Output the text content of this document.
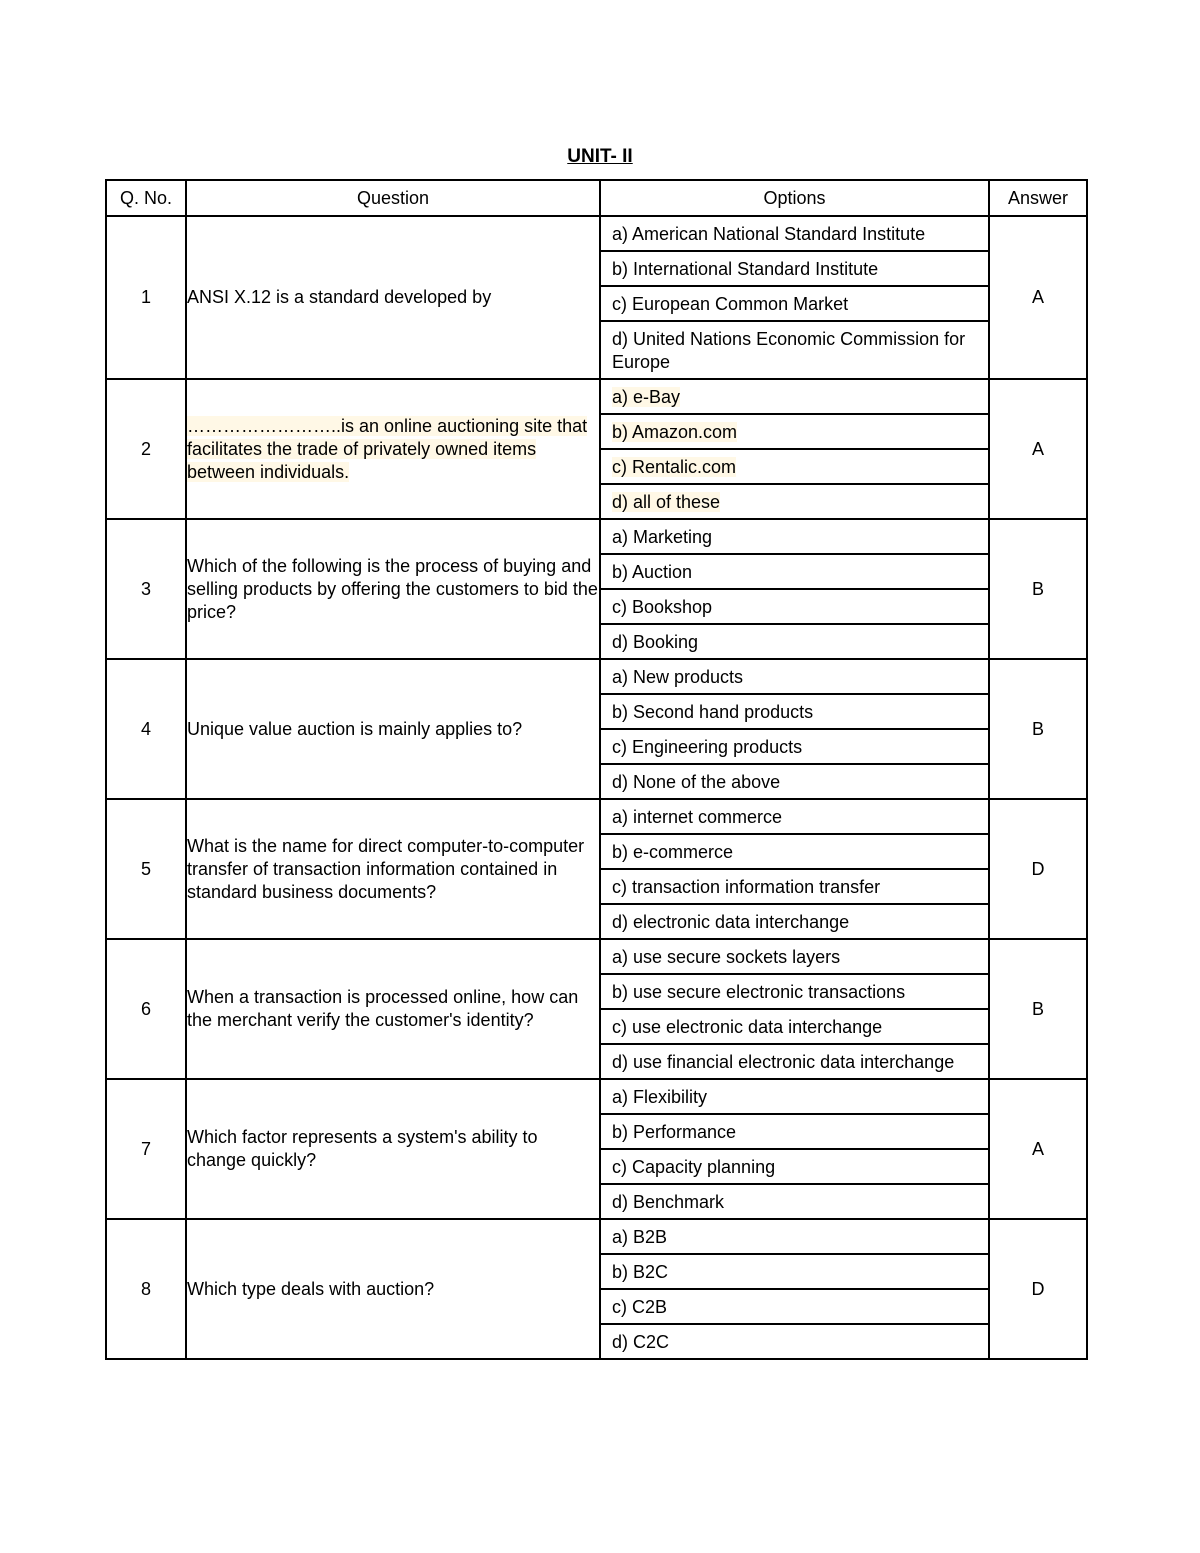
UNIT- II
Q. No.	Question	Options	Answer
1	ANSI X.12 is a standard developed by	a) American National Standard Institute
b) International Standard Institute
c) European Common Market
d) United Nations Economic Commission for Europe	A
2	……………………..is an online auctioning site that facilitates the trade of privately owned items between individuals.	a) e-Bay
b) Amazon.com
c) Rentalic.com
d) all of these	A
3	Which of the following is the process of buying and selling products by offering the customers to bid the price?	a) Marketing
b) Auction
c) Bookshop
d) Booking	B
4	Unique value auction is mainly applies to?	a) New products
b) Second hand products
c) Engineering products
d) None of the above	B
5	What is the name for direct computer-to-computer transfer of transaction information contained in standard business documents?	a) internet commerce
b) e-commerce
c) transaction information transfer
d) electronic data interchange	D
6	When a transaction is processed online, how can the merchant verify the customer's identity?	a) use secure sockets layers
b) use secure electronic transactions
c) use electronic data interchange
d) use financial electronic data interchange	B
7	Which factor represents a system's ability to change quickly?	a) Flexibility
b) Performance
c) Capacity planning
d) Benchmark	A
8	Which type deals with auction?	a) B2B
b) B2C
c) C2B
d) C2C	D
